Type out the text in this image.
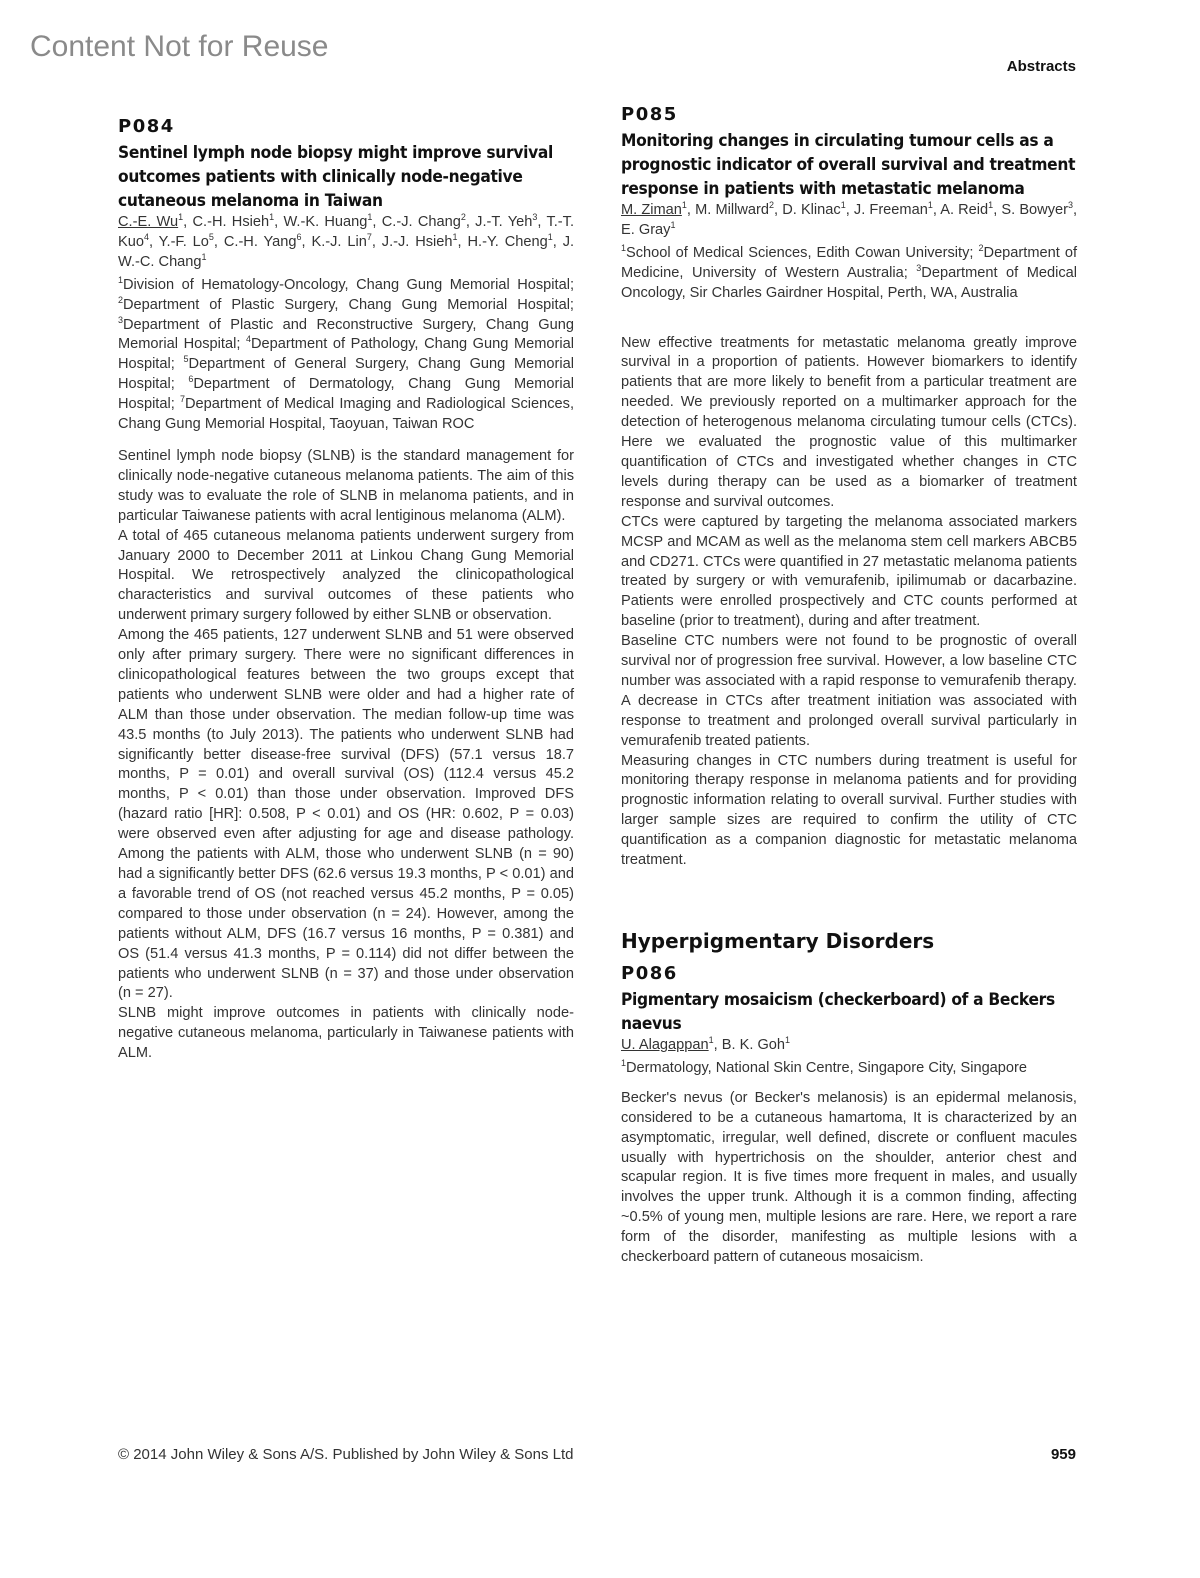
Content Not for Reuse
Abstracts
P084
Sentinel lymph node biopsy might improve survival outcomes patients with clinically node-negative cutaneous melanoma in Taiwan

C.-E. Wu$^1$, C.-H. Hsieh$^1$, W.-K. Huang$^1$, C.-J. Chang$^2$, J.-T. Yeh$^3$, T.-T. Kuo$^4$, Y.-F. Lo$^5$, C.-H. Yang$^6$, K.-J. Lin$^7$, J.-J. Hsieh$^1$, H.-Y. Cheng$^1$, J. W.-C. Chang$^1$

$^1$Division of Hematology-Oncology, Chang Gung Memorial Hospital; $^2$Department of Plastic Surgery, Chang Gung Memorial Hospital; $^3$Department of Plastic and Reconstructive Surgery, Chang Gung Memorial Hospital; $^4$Department of Pathology, Chang Gung Memorial Hospital; $^5$Department of General Surgery, Chang Gung Memorial Hospital; $^6$Department of Dermatology, Chang Gung Memorial Hospital; $^7$Department of Medical Imaging and Radiological Sciences, Chang Gung Memorial Hospital, Taoyuan, Taiwan ROC

Sentinel lymph node biopsy (SLNB) is the standard management for clinically node-negative cutaneous melanoma patients. The aim of this study was to evaluate the role of SLNB in melanoma patients, and in particular Taiwanese patients with acral lentiginous melanoma (ALM).

A total of 465 cutaneous melanoma patients underwent surgery from January 2000 to December 2011 at Linkou Chang Gung Memorial Hospital. We retrospectively analyzed the clinicopathological characteristics and survival outcomes of these patients who underwent primary surgery followed by either SLNB or observation.

Among the 465 patients, 127 underwent SLNB and 51 were observed only after primary surgery. There were no significant differences in clinicopathological features between the two groups except that patients who underwent SLNB were older and had a higher rate of ALM than those under observation. The median follow-up time was 43.5 months (to July 2013). The patients who underwent SLNB had significantly better disease-free survival (DFS) (57.1 versus 18.7 months, P = 0.01) and overall survival (OS) (112.4 versus 45.2 months, P < 0.01) than those under observation. Improved DFS (hazard ratio [HR]: 0.508, P < 0.01) and OS (HR: 0.602, P = 0.03) were observed even after adjusting for age and disease pathology. Among the patients with ALM, those who underwent SLNB (n = 90) had a significantly better DFS (62.6 versus 19.3 months, P < 0.01) and a favorable trend of OS (not reached versus 45.2 months, P = 0.05) compared to those under observation (n = 24). However, among the patients without ALM, DFS (16.7 versus 16 months, P = 0.381) and OS (51.4 versus 41.3 months, P = 0.114) did not differ between the patients who underwent SLNB (n = 37) and those under observation (n = 27).

SLNB might improve outcomes in patients with clinically node-negative cutaneous melanoma, particularly in Taiwanese patients with ALM.

P085
Monitoring changes in circulating tumour cells as a prognostic indicator of overall survival and treatment response in patients with metastatic melanoma

M. Ziman$^1$, M. Millward$^2$, D. Klinac$^1$, J. Freeman$^1$, A. Reid$^1$, S. Bowyer$^3$, E. Gray$^1$

$^1$School of Medical Sciences, Edith Cowan University; $^2$Department of Medicine, University of Western Australia; $^3$Department of Medical Oncology, Sir Charles Gairdner Hospital, Perth, WA, Australia

New effective treatments for metastatic melanoma greatly improve survival in a proportion of patients. However biomarkers to identify patients that are more likely to benefit from a particular treatment are needed. We previously reported on a multimarker approach for the detection of heterogenous melanoma circulating tumour cells (CTCs). Here we evaluated the prognostic value of this multimarker quantification of CTCs and investigated whether changes in CTC levels during therapy can be used as a biomarker of treatment response and survival outcomes.

CTCs were captured by targeting the melanoma associated markers MCSP and MCAM as well as the melanoma stem cell markers ABCB5 and CD271. CTCs were quantified in 27 metastatic melanoma patients treated by surgery or with vemurafenib, ipilimumab or dacarbazine. Patients were enrolled prospectively and CTC counts performed at baseline (prior to treatment), during and after treatment.

Baseline CTC numbers were not found to be prognostic of overall survival nor of progression free survival. However, a low baseline CTC number was associated with a rapid response to vemurafenib therapy. A decrease in CTCs after treatment initiation was associated with response to treatment and prolonged overall survival particularly in vemurafenib treated patients.

Measuring changes in CTC numbers during treatment is useful for monitoring therapy response in melanoma patients and for providing prognostic information relating to overall survival. Further studies with larger sample sizes are required to confirm the utility of CTC quantification as a companion diagnostic for metastatic melanoma treatment.

Hyperpigmentary Disorders
P086
Pigmentary mosaicism (checkerboard) of a Beckers naevus

U. Alagappan$^1$, B. K. Goh$^1$

$^1$Dermatology, National Skin Centre, Singapore City, Singapore

Becker's nevus (or Becker's melanosis) is an epidermal melanosis, considered to be a cutaneous hamartoma, It is characterized by an asymptomatic, irregular, well defined, discrete or confluent macules usually with hypertrichosis on the shoulder, anterior chest and scapular region. It is five times more frequent in males, and usually involves the upper trunk. Although it is a common finding, affecting ~0.5% of young men, multiple lesions are rare. Here, we report a rare form of the disorder, manifesting as multiple lesions with a checkerboard pattern of cutaneous mosaicism.

© 2014 John Wiley & Sons A/S. Published by John Wiley & Sons Ltd	959
